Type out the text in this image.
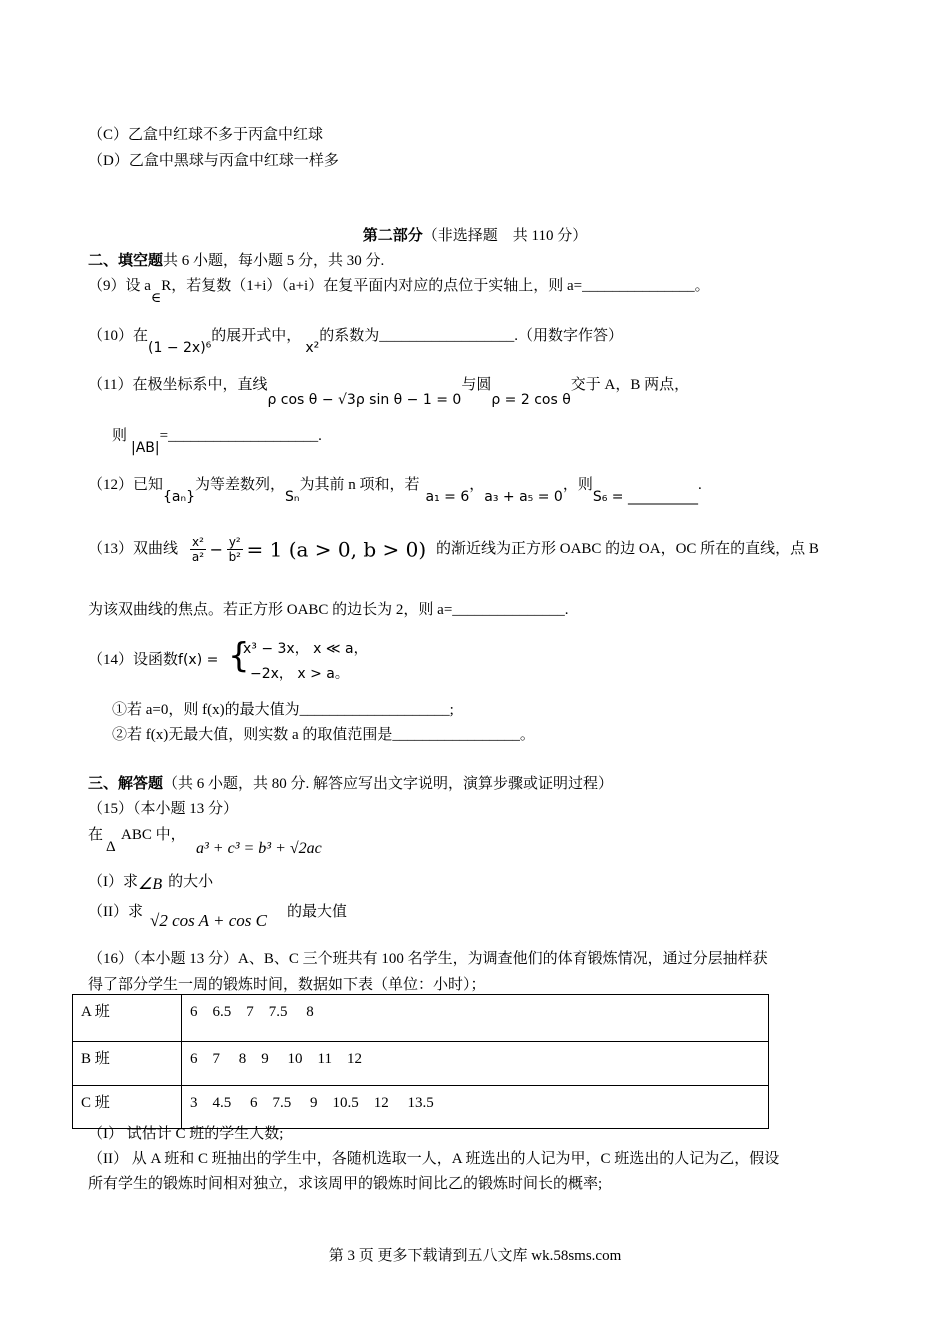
（C）乙盒中红球不多于丙盒中红球
（D）乙盒中黑球与丙盒中红球一样多
第二部分（非选择题　共 110 分）
二、填空题共 6 小题，每小题 5 分，共 30 分.
（9）设 a∈R，若复数（1+i）（a+i）在复平面内对应的点位于实轴上，则 a=_______________。
（10）在(1 − 2x)⁶的展开式中，x²的系数为__________________.（用数字作答）
（11）在极坐标系中，直线ρ cos θ − √3ρ sin θ − 1 = 0与圆ρ = 2 cos θ交于 A，B 两点，
则|AB|=____________________.
（12）已知{aₙ}为等差数列，Sₙ为其前 n 项和，若a₁ = 6，a₃ + a₅ = 0，则S₆ = __________.
（13）双曲线 $\frac{\text{x²}}{\text{a²}} - \frac{\text{y²}}{\text{b²}} = 1$ (a > 0, b > 0) 的渐近线为正方形 OABC 的边 OA，OC 所在的直线，点 B
为该双曲线的焦点。若正方形 OABC 的边长为 2，则 a=_______________.
（14）设函数f(x) = {
x³ − 3x， x ≪ a，
−2x， x > a。
①若 a=0，则 f(x)的最大值为____________________;
②若 f(x)无最大值，则实数 a 的取值范围是_________________。
三、解答题（共 6 小题，共 80 分. 解答应写出文字说明，演算步骤或证明过程）
（15）（本小题 13 分）
在
Δ
ABC 中，
a³ + c³ = b³ + √2ac
（I）求∠B 的大小
（II）求 √2 cos A + cos C 的最大值
（16）（本小题 13 分）A、B、C 三个班共有 100 名学生，为调查他们的体育锻炼情况，通过分层抽样获
得了部分学生一周的锻炼时间，数据如下表（单位：小时）；
A 班	6　6.5　7　7.5　 8
B 班	6　7　 8　9　 10　11　12
C 班	3　4.5　 6　7.5　 9　10.5　12　 13.5
（I） 试估计 C 班的学生人数;
（II） 从 A 班和 C 班抽出的学生中，各随机选取一人，A 班选出的人记为甲，C 班选出的人记为乙，假设
所有学生的锻炼时间相对独立，求该周甲的锻炼时间比乙的锻炼时间长的概率;
第 3 页 更多下载请到五八文库 wk.58sms.com
